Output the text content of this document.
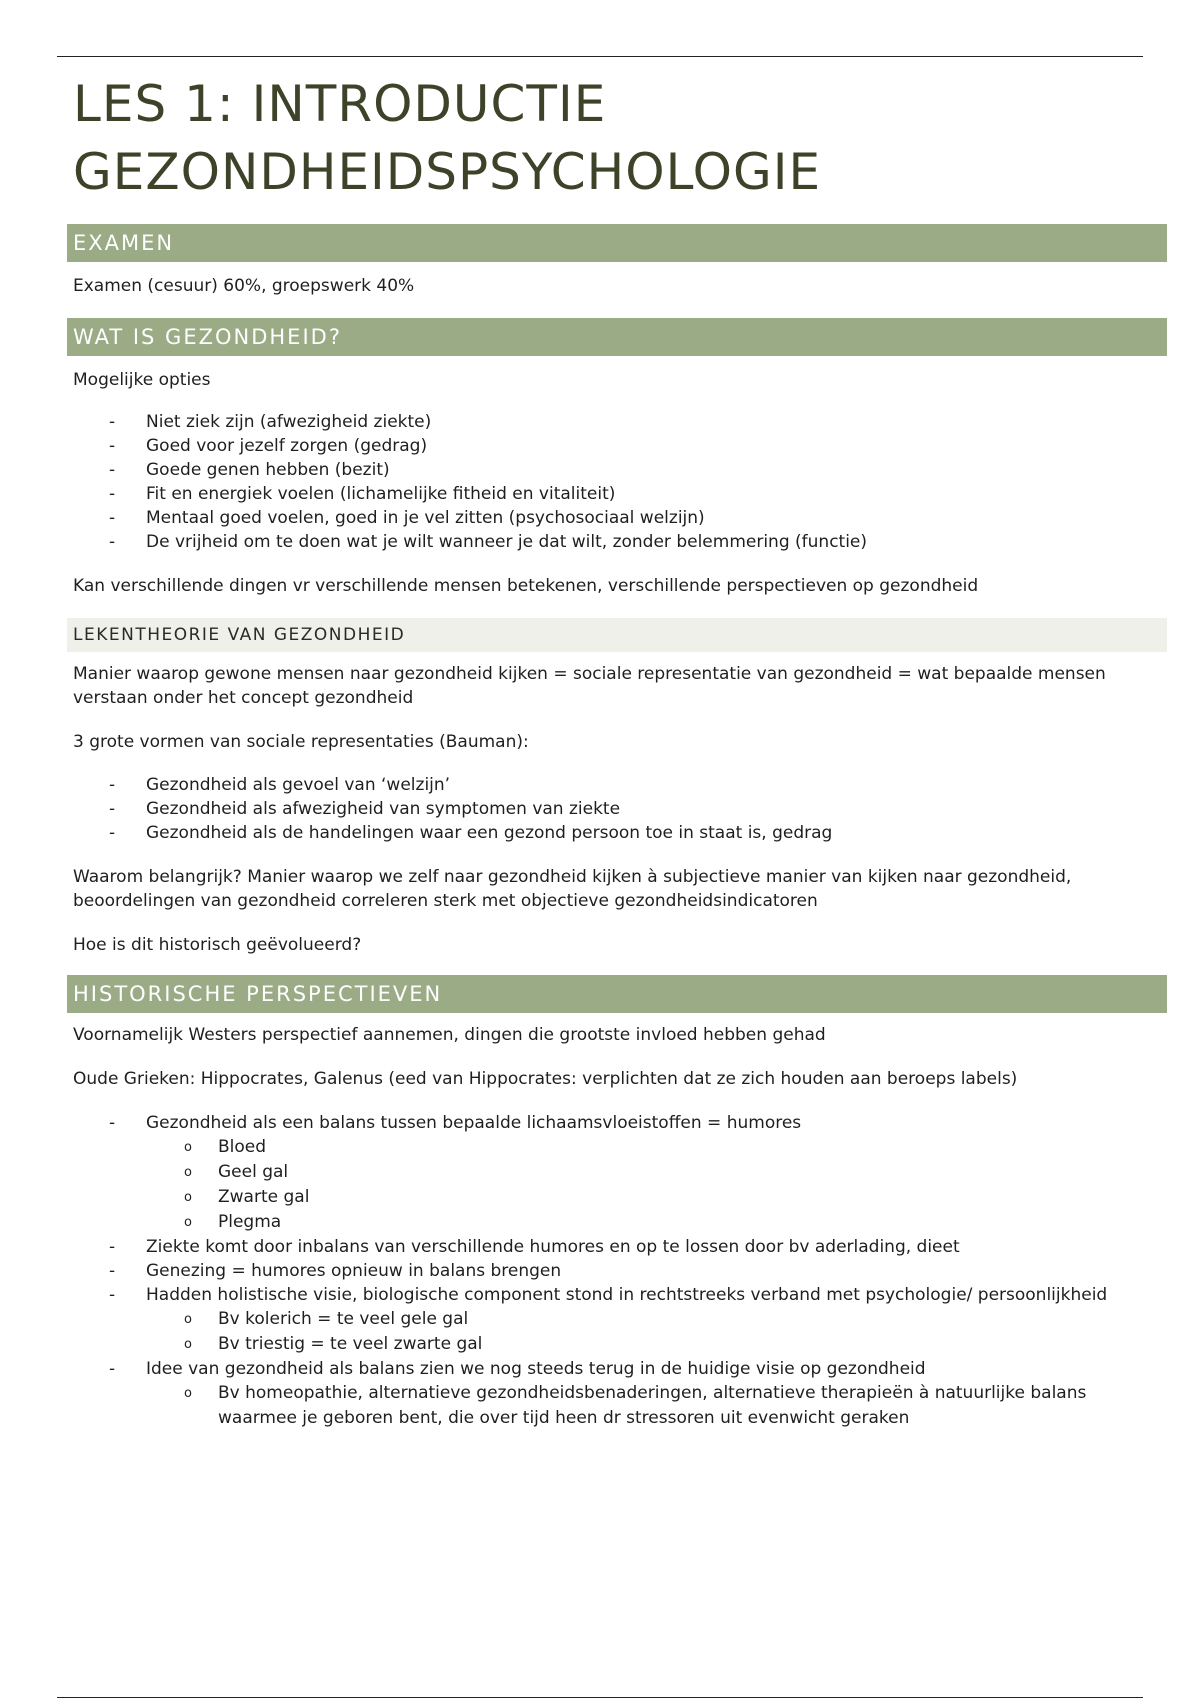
LES 1: INTRODUCTIE
GEZONDHEIDSPSYCHOLOGIE
EXAMEN

Examen (cesuur) 60%, groepswerk 40%

WAT IS GEZONDHEID?

Mogelijke opties

- Niet ziek zijn (afwezigheid ziekte)
- Goed voor jezelf zorgen (gedrag)
- Goede genen hebben (bezit)
- Fit en energiek voelen (lichamelijke fitheid en vitaliteit)
- Mentaal goed voelen, goed in je vel zitten (psychosociaal welzijn)
- De vrijheid om te doen wat je wilt wanneer je dat wilt, zonder belemmering (functie)

Kan verschillende dingen vr verschillende mensen betekenen, verschillende perspectieven op gezondheid

LEKENTHEORIE VAN GEZONDHEID

Manier waarop gewone mensen naar gezondheid kijken = sociale representatie van gezondheid = wat bepaalde mensen verstaan onder het concept gezondheid

3 grote vormen van sociale representaties (Bauman):

- Gezondheid als gevoel van ‘welzijn’
- Gezondheid als afwezigheid van symptomen van ziekte
- Gezondheid als de handelingen waar een gezond persoon toe in staat is, gedrag

Waarom belangrijk? Manier waarop we zelf naar gezondheid kijken à subjectieve manier van kijken naar gezondheid, beoordelingen van gezondheid correleren sterk met objectieve gezondheidsindicatoren

Hoe is dit historisch geëvolueerd?

HISTORISCHE PERSPECTIEVEN

Voornamelijk Westers perspectief aannemen, dingen die grootste invloed hebben gehad

Oude Grieken: Hippocrates, Galenus (eed van Hippocrates: verplichten dat ze zich houden aan beroeps labels)

- Gezondheid als een balans tussen bepaalde lichaamsvloeistoffen = humores
o Bloed
o Geel gal
o Zwarte gal
o Plegma
- Ziekte komt door inbalans van verschillende humores en op te lossen door bv aderlading, dieet
- Genezing = humores opnieuw in balans brengen
- Hadden holistische visie, biologische component stond in rechtstreeks verband met psychologie/ persoonlijkheid
o Bv kolerich = te veel gele gal
o Bv triestig = te veel zwarte gal
- Idee van gezondheid als balans zien we nog steeds terug in de huidige visie op gezondheid
o Bv homeopathie, alternatieve gezondheidsbenaderingen, alternatieve therapieën à natuurlijke balans waarmee je geboren bent, die over tijd heen dr stressoren uit evenwicht geraken
